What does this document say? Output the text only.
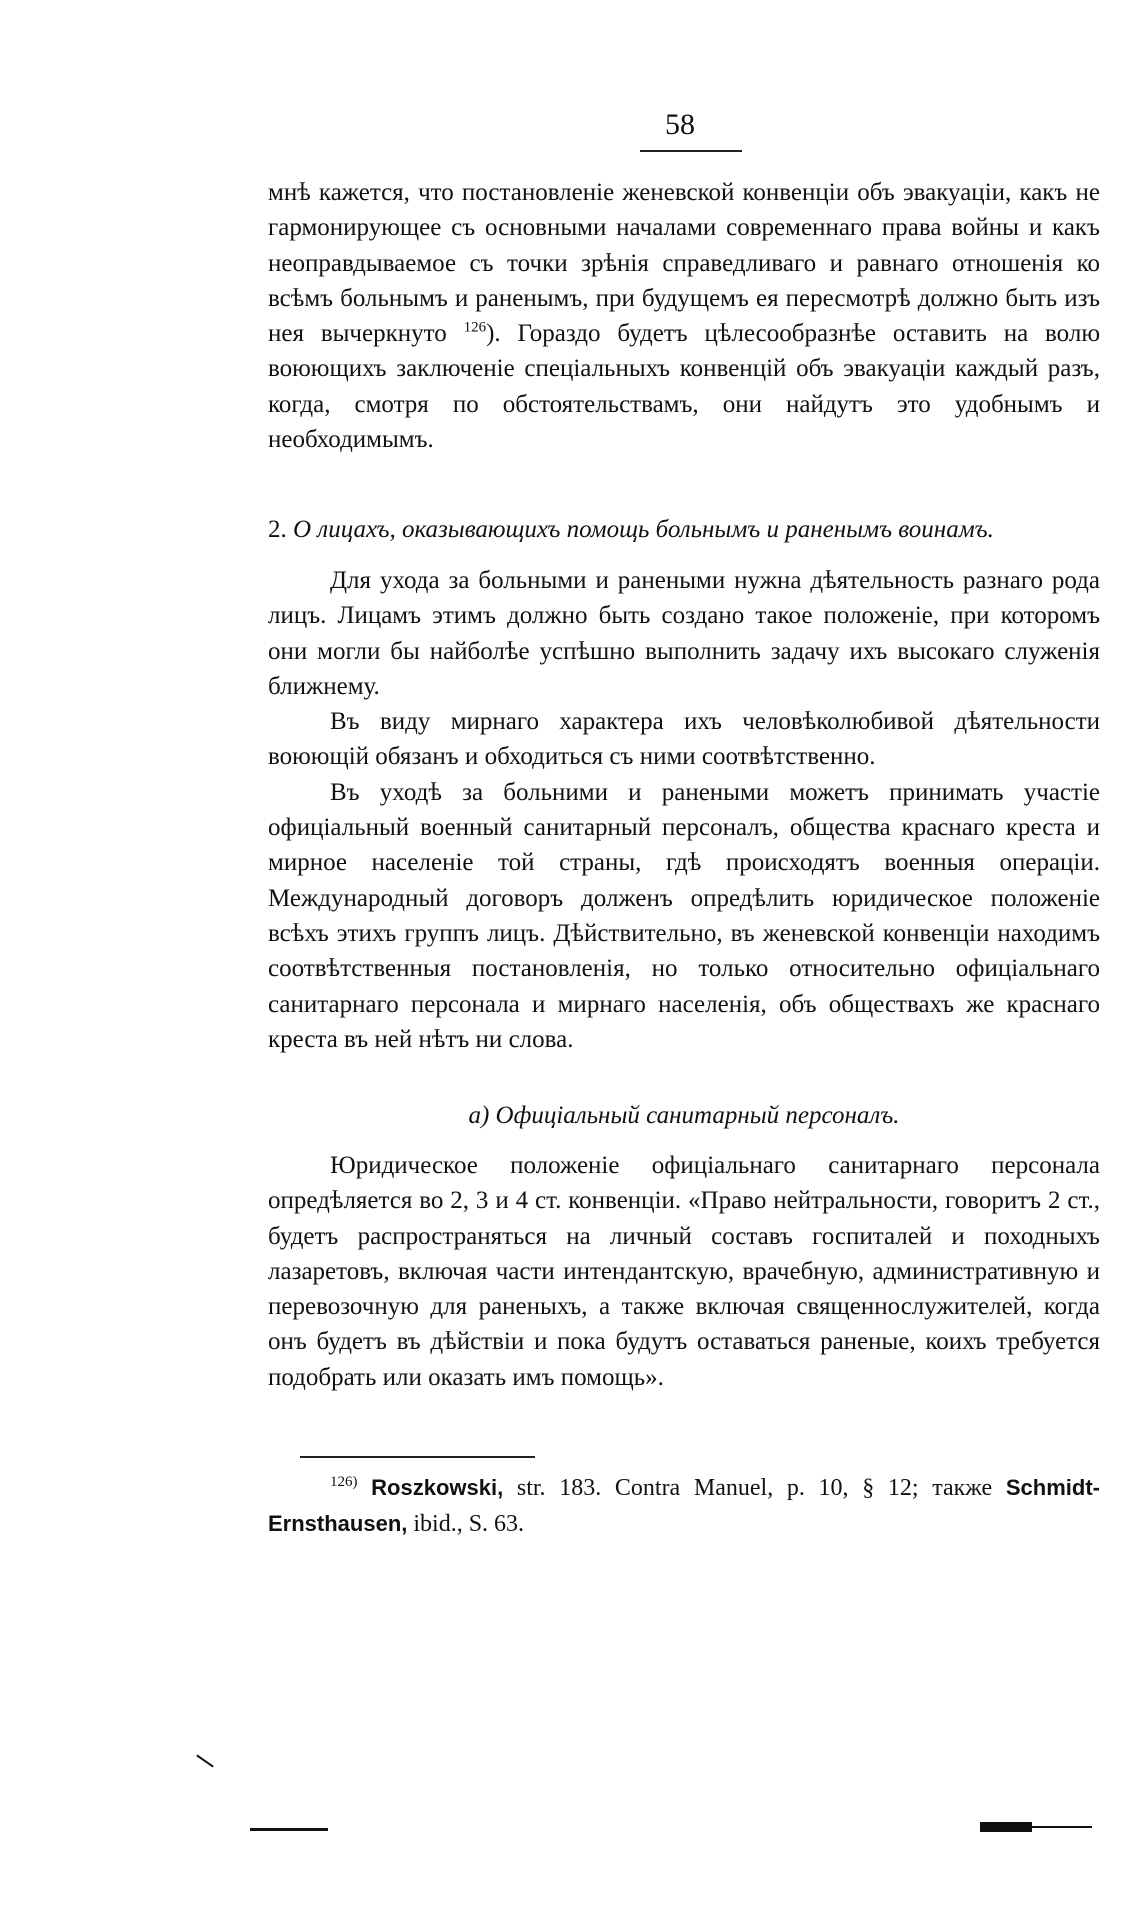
58

мнѣ кажется, что постановленіе женевской конвенціи объ эвакуаціи, какъ не гармонирующее съ основными началами современнаго права войны и какъ неоправдываемое съ точки зрѣнія справедливаго и равнаго отношенія ко всѣмъ больнымъ и раненымъ, при будущемъ ея пересмотрѣ должно быть изъ нея вычеркнуто $^{126}$). Гораздо будетъ цѣлесообразнѣе оставить на волю воюющихъ заключеніе спеціальныхъ конвенцій объ эвакуаціи каждый разъ, когда, смотря по обстоятельствамъ, они найдутъ это удобнымъ и необходимымъ.

2. О лицахъ, оказывающихъ помощь больнымъ и раненымъ воинамъ.

Для ухода за больными и ранеными нужна дѣятельность разнаго рода лицъ. Лицамъ этимъ должно быть создано такое положеніе, при которомъ они могли бы найболѣе успѣшно выполнить задачу ихъ высокаго служенія ближнему.

Въ виду мирнаго характера ихъ человѣколюбивой дѣятельности воюющій обязанъ и обходиться съ ними соотвѣтственно.

Въ уходѣ за больними и ранеными можетъ принимать участіе офиціальный военный санитарный персоналъ, общества краснаго креста и мирное населеніе той страны, гдѣ происходятъ военныя операціи. Международный договоръ долженъ опредѣлить юридическое положеніе всѣхъ этихъ группъ лицъ. Дѣйствительно, въ женевской конвенціи находимъ соотвѣтственныя постановленія, но только относительно офиціальнаго санитарнаго персонала и мирнаго населенія, объ обществахъ же краснаго креста въ ней нѣтъ ни слова.

а) Офиціальный санитарный персоналъ.

Юридическое положеніе офиціальнаго санитарнаго персонала опредѣляется во 2, 3 и 4 ст. конвенціи. «Право нейтральности, говоритъ 2 ст., будетъ распространяться на личный составъ госпиталей и походныхъ лазаретовъ, включая части интендантскую, врачебную, административную и перевозочную для раненыхъ, а также включая священнослужителей, когда онъ будетъ въ дѣйствіи и пока будутъ оставаться раненые, коихъ требуется подобрать или оказать имъ помощь».

$^{126)}$ Roszkowski, str. 183. Contra Manuel, p. 10, § 12; также Schmidt-Ernsthausen, ibid., S. 63.
